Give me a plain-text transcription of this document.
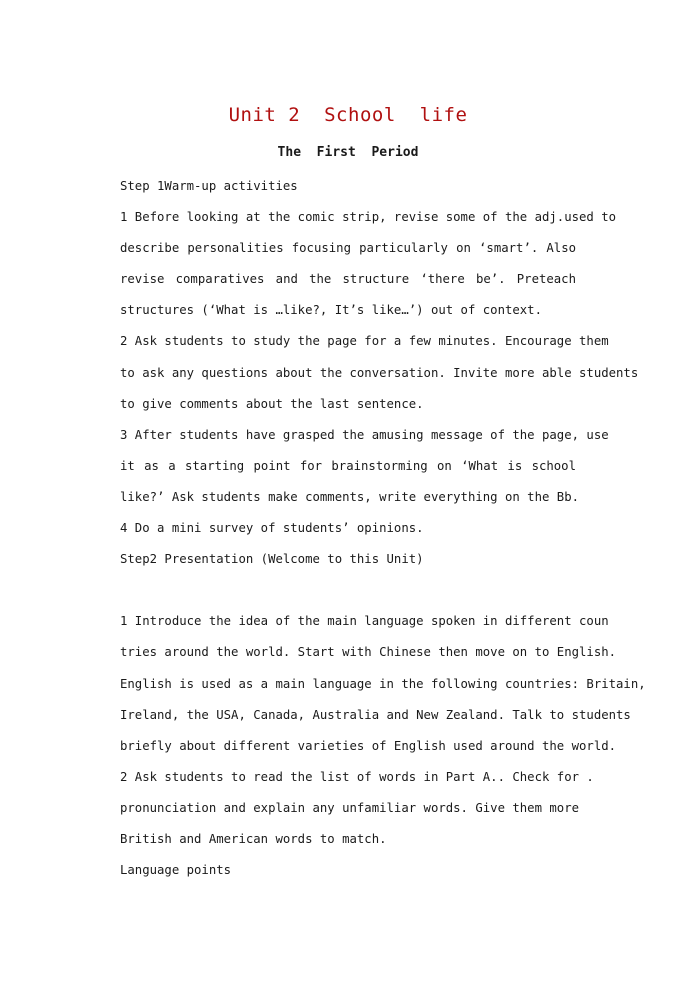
Unit 2  School  life
The  First  Period
Step 1Warm-up activities
1 Before looking at the comic strip, revise some of the adj.used to
describe personalities focusing particularly on ‘smart’. Also
revise comparatives and the structure ‘there be’. Preteach
structures (‘What is …like?, It’s like…’) out of context.
2 Ask students to study the page for a few minutes. Encourage them
to ask any questions about the conversation. Invite more able students
to give comments about the last sentence.
3 After students have grasped the amusing message of the page, use
it as a starting point for brainstorming on ‘What is school
like?’ Ask students make comments, write everything on the Bb.
4 Do a mini survey of students’ opinions.
Step2 Presentation (Welcome to this Unit)
1 Introduce the idea of the main language spoken in different coun
tries around the world. Start with Chinese then move on to English.
English is used as a main language in the following countries: Britain,
Ireland, the USA, Canada, Australia and New Zealand. Talk to students
briefly about different varieties of English used around the world.
2 Ask students to read the list of words in Part A.. Check for .
pronunciation and explain any unfamiliar words. Give them more
British and American words to match.
Language points
